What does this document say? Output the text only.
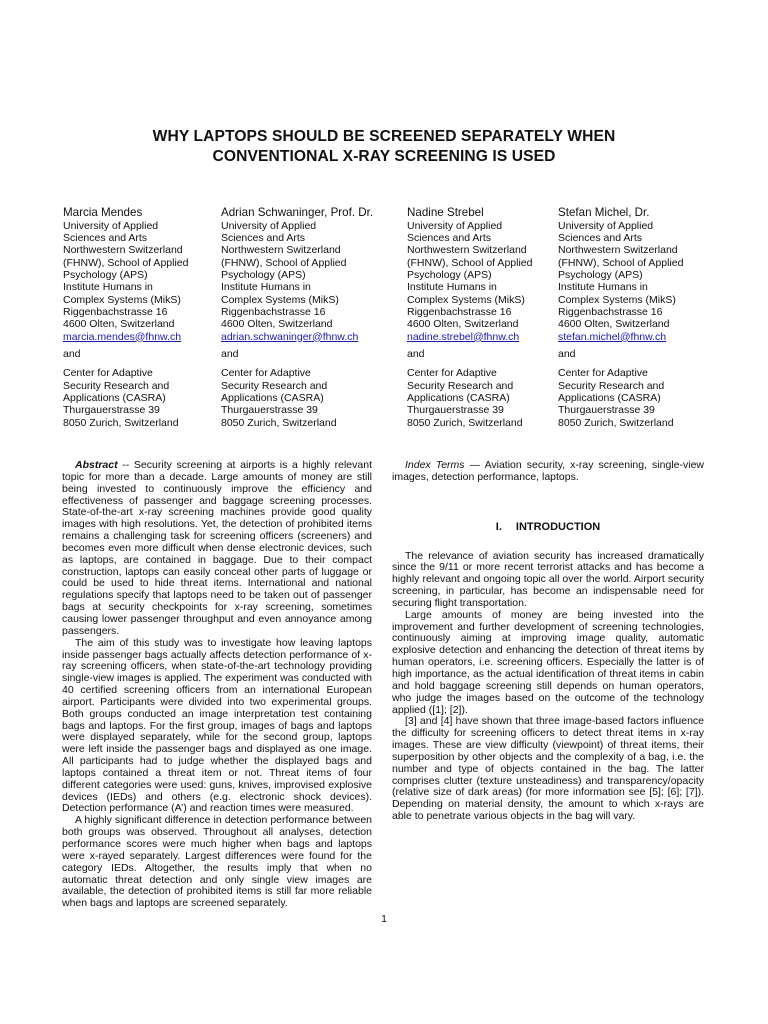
WHY LAPTOPS SHOULD BE SCREENED SEPARATELY WHEN
CONVENTIONAL X-RAY SCREENING IS USED
Marcia Mendes
University of Applied
Sciences and Arts
Northwestern Switzerland
(FHNW), School of Applied
Psychology (APS)
Institute Humans in
Complex Systems (MikS)
Riggenbachstrasse 16
4600 Olten, Switzerland
marcia.mendes@fhnw.ch
and
Center for Adaptive
Security Research and
Applications (CASRA)
Thurgauerstrasse 39
8050 Zurich, Switzerland
Adrian Schwaninger, Prof. Dr.
University of Applied
Sciences and Arts
Northwestern Switzerland
(FHNW), School of Applied
Psychology (APS)
Institute Humans in
Complex Systems (MikS)
Riggenbachstrasse 16
4600 Olten, Switzerland
adrian.schwaninger@fhnw.ch
and
Center for Adaptive
Security Research and
Applications (CASRA)
Thurgauerstrasse 39
8050 Zurich, Switzerland
Nadine Strebel
University of Applied
Sciences and Arts
Northwestern Switzerland
(FHNW), School of Applied
Psychology (APS)
Institute Humans in
Complex Systems (MikS)
Riggenbachstrasse 16
4600 Olten, Switzerland
nadine.strebel@fhnw.ch
and
Center for Adaptive
Security Research and
Applications (CASRA)
Thurgauerstrasse 39
8050 Zurich, Switzerland
Stefan Michel, Dr.
University of Applied
Sciences and Arts
Northwestern Switzerland
(FHNW), School of Applied
Psychology (APS)
Institute Humans in
Complex Systems (MikS)
Riggenbachstrasse 16
4600 Olten, Switzerland
stefan.michel@fhnw.ch
and
Center for Adaptive
Security Research and
Applications (CASRA)
Thurgauerstrasse 39
8050 Zurich, Switzerland

Abstract -- Security screening at airports is a highly relevant topic for more than a decade. Large amounts of money are still being invested to continuously improve the efficiency and effectiveness of passenger and baggage screening processes. State-of-the-art x-ray screening machines provide good quality images with high resolutions. Yet, the detection of prohibited items remains a challenging task for screening officers (screeners) and becomes even more difficult when dense electronic devices, such as laptops, are contained in baggage. Due to their compact construction, laptops can easily conceal other parts of luggage or could be used to hide threat items. International and national regulations specify that laptops need to be taken out of passenger bags at security checkpoints for x-ray screening, sometimes causing lower passenger throughput and even annoyance among passengers.

The aim of this study was to investigate how leaving laptops inside passenger bags actually affects detection performance of x-ray screening officers, when state-of-the-art technology providing single-view images is applied. The experiment was conducted with 40 certified screening officers from an international European airport. Participants were divided into two experimental groups. Both groups conducted an image interpretation test containing bags and laptops. For the first group, images of bags and laptops were displayed separately, while for the second group, laptops were left inside the passenger bags and displayed as one image. All participants had to judge whether the displayed bags and laptops contained a threat item or not. Threat items of four different categories were used: guns, knives, improvised explosive devices (IEDs) and others (e.g. electronic shock devices). Detection performance (A’) and reaction times were measured.

A highly significant difference in detection performance between both groups was observed. Throughout all analyses, detection performance scores were much higher when bags and laptops were x-rayed separately. Largest differences were found for the category IEDs. Altogether, the results imply that when no automatic threat detection and only single view images are available, the detection of prohibited items is still far more reliable when bags and laptops are screened separately.

Index Terms — Aviation security, x-ray screening, single-view images, detection performance, laptops.

I. INTRODUCTION

The relevance of aviation security has increased dramatically since the 9/11 or more recent terrorist attacks and has become a highly relevant and ongoing topic all over the world. Airport security screening, in particular, has become an indispensable need for securing flight transportation.

Large amounts of money are being invested into the improvement and further development of screening technologies, continuously aiming at improving image quality, automatic explosive detection and enhancing the detection of threat items by human operators, i.e. screening officers. Especially the latter is of high importance, as the actual identification of threat items in cabin and hold baggage screening still depends on human operators, who judge the images based on the outcome of the technology applied ([1]; [2]).

[3] and [4] have shown that three image-based factors influence the difficulty for screening officers to detect threat items in x-ray images. These are view difficulty (viewpoint) of threat items, their superposition by other objects and the complexity of a bag, i.e. the number and type of objects contained in the bag. The latter comprises clutter (texture unsteadiness) and transparency/opacity (relative size of dark areas) (for more information see [5]; [6]; [7]). Depending on material density, the amount to which x-rays are able to penetrate various objects in the bag will vary.

1
